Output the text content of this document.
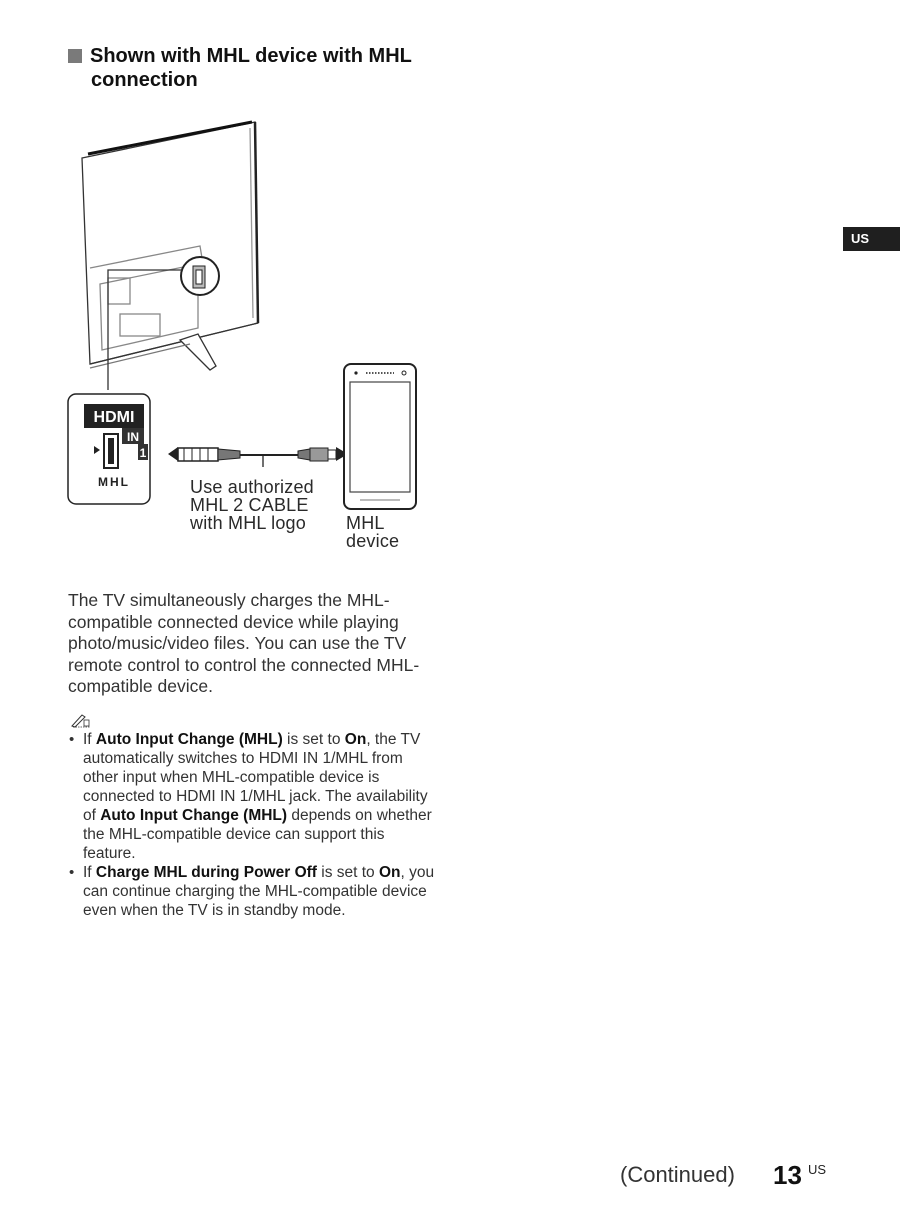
Shown with MHL device with MHL
connection
HDMI
IN
1
MHL	Use authorized
MHL 2 CABLE
with MHL logo	MHL
device
The TV simultaneously charges the MHL-compatible connected device while playing photo/music/video files. You can use the TV remote control to control the connected MHL-compatible device.
• If Auto Input Change (MHL) is set to On, the TV automatically switches to HDMI IN 1/MHL from other input when MHL-compatible device is connected to HDMI IN 1/MHL jack. The availability of Auto Input Change (MHL) depends on whether the MHL-compatible device can support this feature.
• If Charge MHL during Power Off is set to On, you can continue charging the MHL-compatible device even when the TV is in standby mode.
US
(Continued) 13 US
